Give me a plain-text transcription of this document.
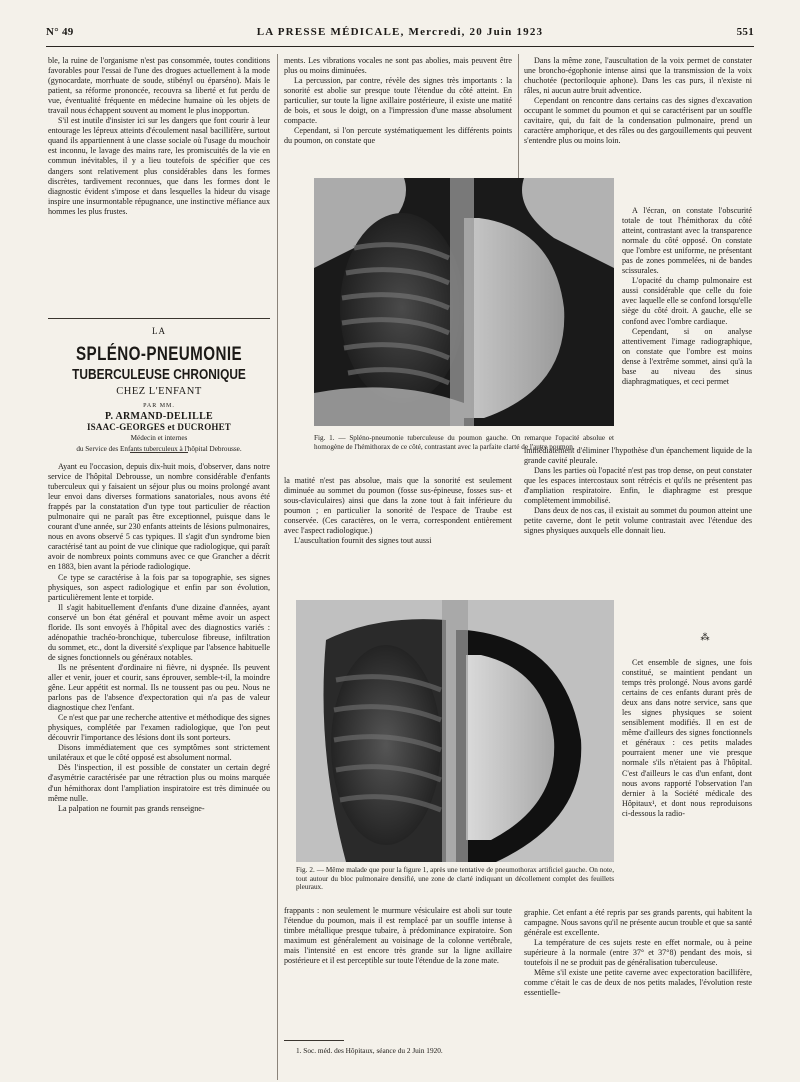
N° 49	LA PRESSE MÉDICALE, Mercredi, 20 Juin 1923	551

ble, la ruine de l'organisme n'est pas consommée, toutes conditions favorables pour l'essai de l'une des drogues actuellement à la mode (gynocardate, morrhuate de soude, stibényl ou éparséno). Mais le patient, sa réforme prononcée, recouvra sa liberté et fut perdu de vue, éventualité fréquente en médecine humaine où les objets de travail nous échappent souvent au moment le plus inopportun.

S'il est inutile d'insister ici sur les dangers que font courir à leur entourage les lépreux atteints d'écoulement nasal bacillifère, surtout quand ils appartiennent à une classe sociale où l'usage du mouchoir est inconnu, le lavage des mains rare, les promiscuités de la vie en commun inévitables, il y a lieu toutefois de spécifier que ces dangers sont relativement plus considérables dans les formes discrètes, tardivement reconnues, que dans les formes dont le diagnostic évident s'impose et dans lesquelles la hideur du visage inspire une insurmontable répugnance, une instinctive méfiance aux hommes les plus frustes.

LA
SPLÉNO-PNEUMONIE
TUBERCULEUSE CHRONIQUE
CHEZ L'ENFANT
PAR MM.
P. ARMAND-DELILLE
ISAAC-GEORGES et DUCROHET
Médecin et internes
du Service des Enfants tuberculeux à l'hôpital Debrousse.

Ayant eu l'occasion, depuis dix-huit mois, d'observer, dans notre service de l'hôpital Debrousse, un nombre considérable d'enfants tuberculeux qui y faisaient un séjour plus ou moins prolongé avant leur envoi dans diverses formations sanatoriales, nous avons été frappés par la constatation d'un type tout particulier de réaction pulmonaire qui ne paraît pas être exceptionnel, puisque dans le courant d'une année, sur 230 enfants atteints de lésions pulmonaires, nous en avons observé 5 cas typiques. Il s'agit d'un syndrome bien caractérisé tant au point de vue clinique que radiologique, qui paraît avoir de nombreux points communs avec ce que Grancher a décrit en 1883, bien avant la période radiologique.

Ce type se caractérise à la fois par sa topographie, ses signes physiques, son aspect radiologique et enfin par son évolution, particulièrement lente et torpide.

Il s'agit habituellement d'enfants d'une dizaine d'années, ayant conservé un bon état général et pouvant même avoir un aspect floride. Ils sont envoyés à l'hôpital avec des diagnostics variés : adénopathie trachéo-bronchique, tuberculose fibreuse, infiltration du sommet, etc., dont la diversité s'explique par l'absence habituelle de signes fonctionnels ou généraux notables.

Ils ne présentent d'ordinaire ni fièvre, ni dyspnée. Ils peuvent aller et venir, jouer et courir, sans éprouver, semble-t-il, la moindre gêne. Leur appétit est normal. Ils ne toussent pas ou peu. Nous ne parlons pas de l'absence d'expectoration qui n'a pas de valeur diagnostique chez l'enfant.

Ce n'est que par une recherche attentive et méthodique des signes physiques, complétée par l'examen radiologique, que l'on peut découvrir l'importance des lésions dont ils sont porteurs.

Disons immédiatement que ces symptômes sont strictement unilatéraux et que le côté opposé est absolument normal.

Dès l'inspection, il est possible de constater un certain degré d'asymétrie caractérisée par une rétraction plus ou moins marquée d'un hémithorax dont l'ampliation inspiratoire est très diminuée ou même nulle.

La palpation ne fournit pas grands renseigne-

ments. Les vibrations vocales ne sont pas abolies, mais peuvent être plus ou moins diminuées.

La percussion, par contre, révèle des signes très importants : la sonorité est abolie sur presque toute l'étendue du côté atteint. En particulier, sur toute la ligne axillaire postérieure, il existe une matité de bois, et sous le doigt, on a l'impression d'une masse absolument compacte.

Cependant, si l'on percute systématiquement les différents points du poumon, on constate que

Dans la même zone, l'auscultation de la voix permet de constater une broncho-égophonie intense ainsi que la transmission de la voix chuchotée (pectoriloquie aphone). Dans les cas purs, il n'existe ni râles, ni aucun autre bruit adventice.

Cependant on rencontre dans certains cas des signes d'excavation occupant le sommet du poumon et qui se caractérisent par un souffle cavitaire, qui, du fait de la condensation pulmonaire, prend un caractère amphorique, et des râles ou des gargouillements qui peuvent s'entendre plus ou moins loin.

Fig. 1. — Spléno-pneumonie tuberculeuse du poumon gauche. On remarque l'opacité absolue et homogène de l'hémithorax de ce côté, contrastant avec la parfaite clarté de l'autre poumon.

A l'écran, on constate l'obscurité totale de tout l'hémithorax du côté atteint, contrastant avec la transparence normale du côté opposé. On constate que l'ombre est uniforme, ne présentant pas de zones pommelées, ni de bandes scissurales.

L'opacité du champ pulmonaire est aussi considérable que celle du foie avec laquelle elle se confond lorsqu'elle siège du côté droit. A gauche, elle se confond avec l'ombre cardiaque.

Cependant, si on analyse attentivement l'image radiographique, on constate que l'ombre est moins dense à l'extrême sommet, ainsi qu'à la base au niveau des sinus diaphragmatiques, et ceci permet

la matité n'est pas absolue, mais que la sonorité est seulement diminuée au sommet du poumon (fosse sus-épineuse, fosses sus- et sous-claviculaires) ainsi que dans la zone tout à fait inférieure du poumon ; en particulier la sonorité de l'espace de Traube est conservée. (Ces caractères, on le verra, correspondent entièrement avec l'aspect radiologique.)

L'auscultation fournit des signes tout aussi

immédiatement d'éliminer l'hypothèse d'un épanchement liquide de la grande cavité pleurale.

Dans les parties où l'opacité n'est pas trop dense, on peut constater que les espaces intercostaux sont rétrécis et qu'ils ne présentent pas d'ampliation respiratoire. Enfin, le diaphragme est presque complètement immobilisé.

Dans deux de nos cas, il existait au sommet du poumon atteint une petite caverne, dont le petit volume contrastait avec l'étendue des signes physiques auxquels elle donnait lieu.

⁂
Fig. 2. — Même malade que pour la figure 1, après une tentative de pneumothorax artificiel gauche. On note, tout autour du bloc pulmonaire densifié, une zone de clarté indiquant un décollement complet des feuillets pleuraux.

Cet ensemble de signes, une fois constitué, se maintient pendant un temps très prolongé. Nous avons gardé certains de ces enfants durant près de deux ans dans notre service, sans que les signes physiques se soient sensiblement modifiés. Il en est de même d'ailleurs des signes fonctionnels et généraux : ces petits malades pourraient mener une vie presque normale s'ils n'étaient pas à l'hôpital. C'est d'ailleurs le cas d'un enfant, dont nous avons rapporté l'observation l'an dernier à la Société médicale des Hôpitaux¹, et dont nous reproduisons ci-dessous la radio-

frappants : non seulement le murmure vésiculaire est aboli sur toute l'étendue du poumon, mais il est remplacé par un souffle intense à timbre métallique presque tubaire, à prédominance expiratoire. Son maximum est généralement au voisinage de la colonne vertébrale, mais l'intensité en est encore très grande sur la ligne axillaire postérieure et il est perceptible sur toute l'étendue de la zone mate.

1. Soc. méd. des Hôpitaux, séance du 2 Juin 1920.

graphie. Cet enfant a été repris par ses grands parents, qui habitent la campagne. Nous savons qu'il ne présente aucun trouble et que sa santé générale est excellente.

La température de ces sujets reste en effet normale, ou à peine supérieure à la normale (entre 37° et 37°8) pendant des mois, si toutefois il ne se produit pas de généralisation tuberculeuse.

Même s'il existe une petite caverne avec expectoration bacillifère, comme c'était le cas de deux de nos petits malades, l'évolution reste essentielle-
